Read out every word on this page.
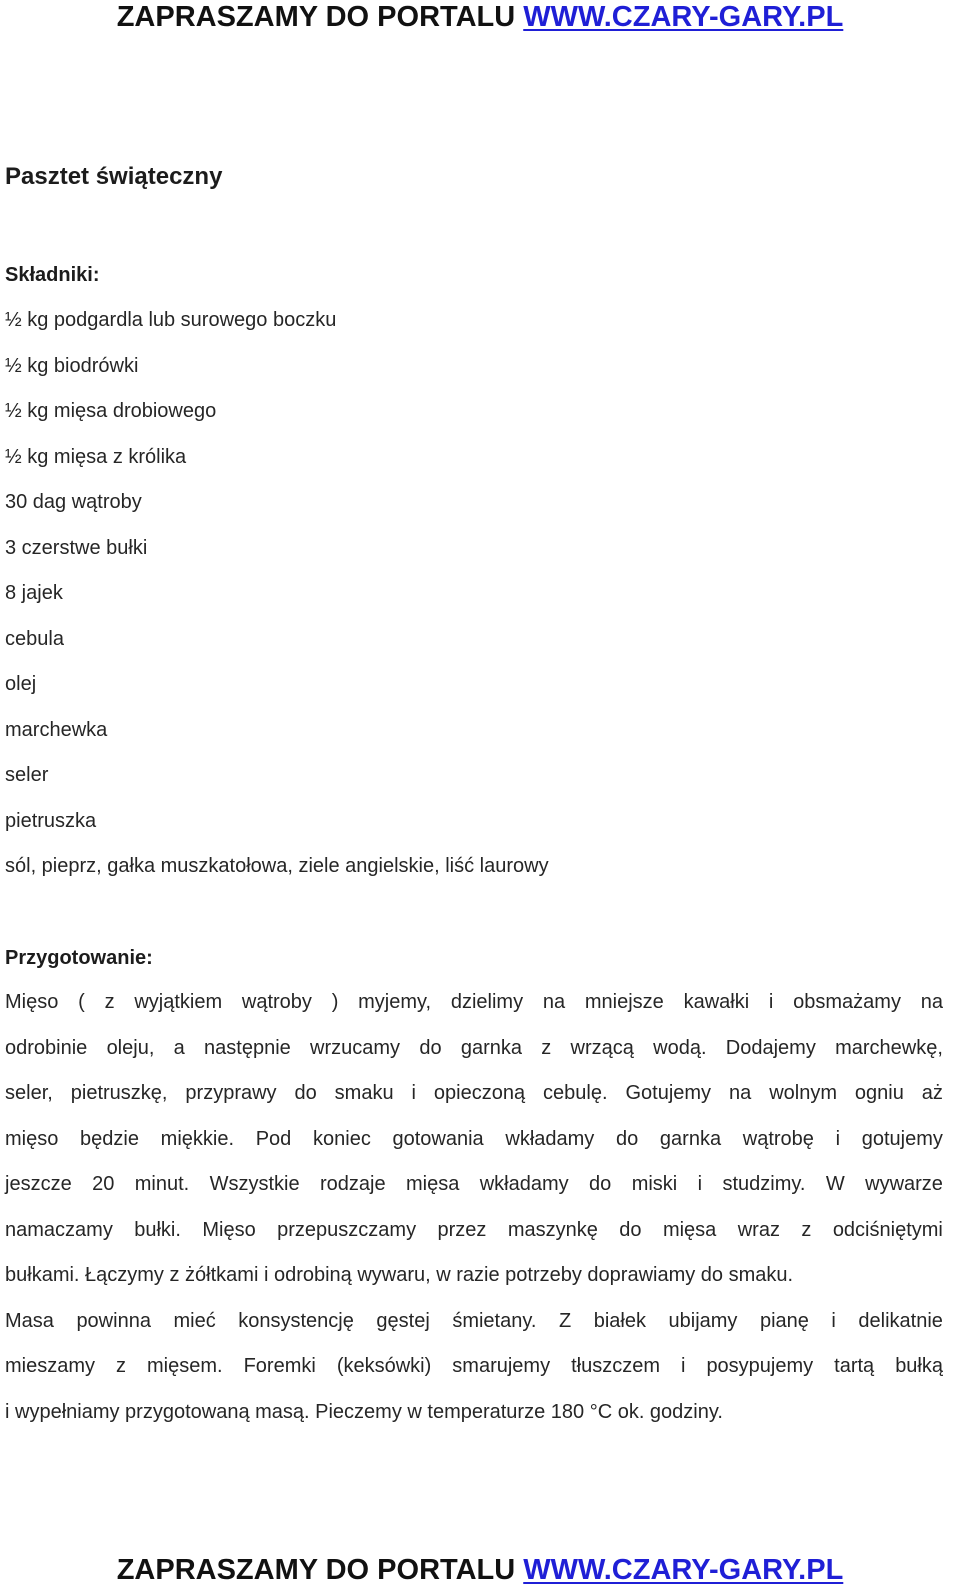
ZAPRASZAMY DO PORTALU WWW.CZARY-GARY.PL
Pasztet świąteczny
Składniki:
½ kg podgardla lub surowego boczku
½ kg biodrówki
½ kg mięsa drobiowego
½ kg mięsa z królika
30 dag wątroby
3 czerstwe bułki
8 jajek
cebula
olej
marchewka
seler
pietruszka
sól, pieprz, gałka muszkatołowa, ziele angielskie, liść laurowy
Przygotowanie:
Mięso ( z wyjątkiem wątroby ) myjemy, dzielimy na mniejsze kawałki i obsmażamy na
odrobinie oleju, a następnie wrzucamy do garnka z wrzącą wodą. Dodajemy marchewkę,
seler, pietruszkę, przyprawy do smaku i opieczoną cebulę. Gotujemy na wolnym ogniu aż
mięso będzie miękkie. Pod koniec gotowania wkładamy do garnka wątrobę i gotujemy
jeszcze 20 minut. Wszystkie rodzaje mięsa wkładamy do miski i studzimy. W wywarze
namaczamy bułki. Mięso przepuszczamy przez maszynkę do mięsa wraz z odciśniętymi
bułkami. Łączymy z żółtkami i odrobiną wywaru, w razie potrzeby doprawiamy do smaku.
Masa powinna mieć konsystencję gęstej śmietany. Z białek ubijamy pianę i delikatnie
mieszamy z mięsem. Foremki (keksówki) smarujemy tłuszczem i posypujemy tartą bułką
i wypełniamy przygotowaną masą. Pieczemy w temperaturze 180 °C ok. godziny.
ZAPRASZAMY DO PORTALU WWW.CZARY-GARY.PL
